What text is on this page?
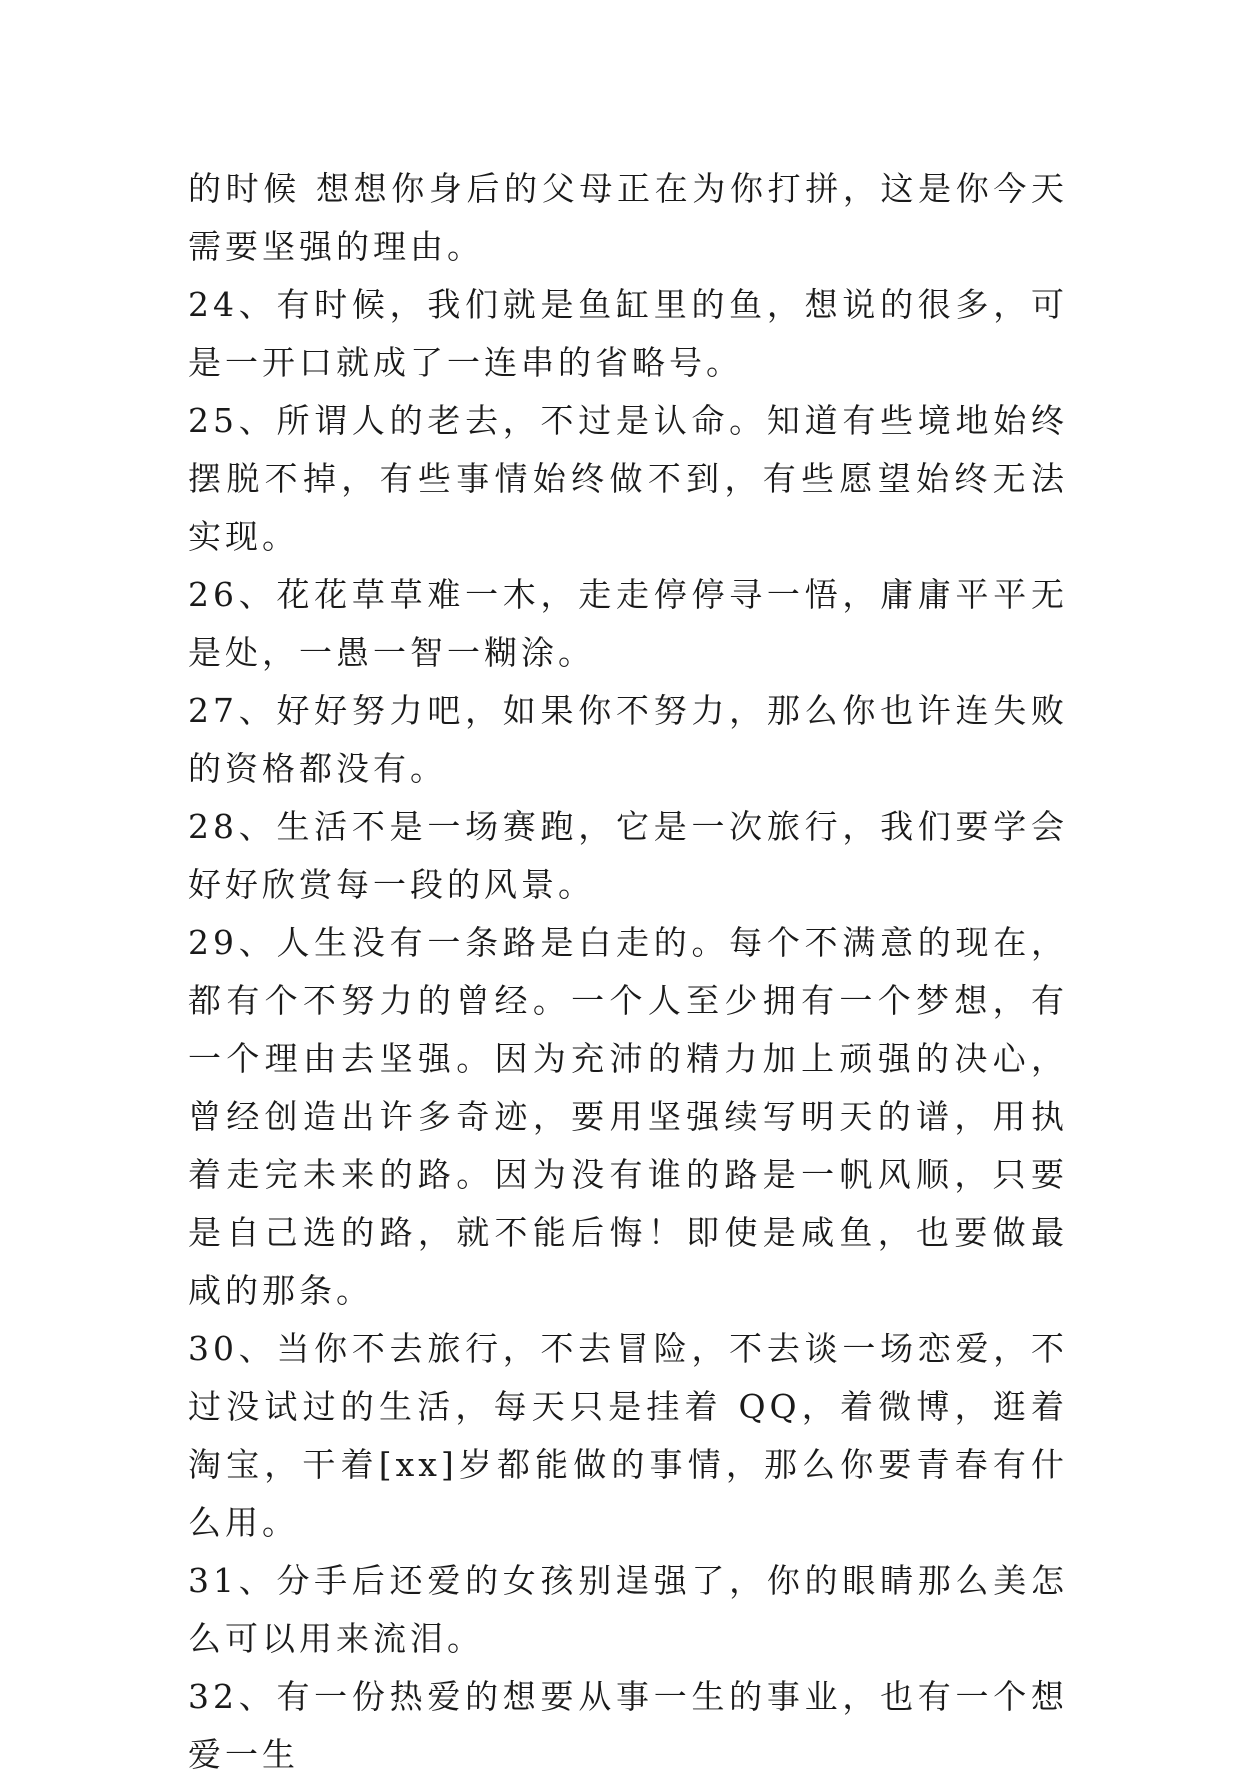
的时候 想想你身后的父母正在为你打拼，这是你今天需要坚强的理由。

24、有时候，我们就是鱼缸里的鱼，想说的很多，可是一开口就成了一连串的省略号。

25、所谓人的老去，不过是认命。知道有些境地始终摆脱不掉，有些事情始终做不到，有些愿望始终无法实现。

26、花花草草难一木，走走停停寻一悟，庸庸平平无是处，一愚一智一糊涂。

27、好好努力吧，如果你不努力，那么你也许连失败的资格都没有。

28、生活不是一场赛跑，它是一次旅行，我们要学会好好欣赏每一段的风景。

29、人生没有一条路是白走的。每个不满意的现在，都有个不努力的曾经。一个人至少拥有一个梦想，有一个理由去坚强。因为充沛的精力加上顽强的决心，曾经创造出许多奇迹，要用坚强续写明天的谱，用执着走完未来的路。因为没有谁的路是一帆风顺，只要是自己选的路，就不能后悔！即使是咸鱼，也要做最咸的那条。

30、当你不去旅行，不去冒险，不去谈一场恋爱，不过没试过的生活，每天只是挂着 QQ，着微博，逛着淘宝，干着[xx]岁都能做的事情，那么你要青春有什么用。

31、分手后还爱的女孩别逞强了，你的眼睛那么美怎么可以用来流泪。

32、有一份热爱的想要从事一生的事业，也有一个想爱一生
